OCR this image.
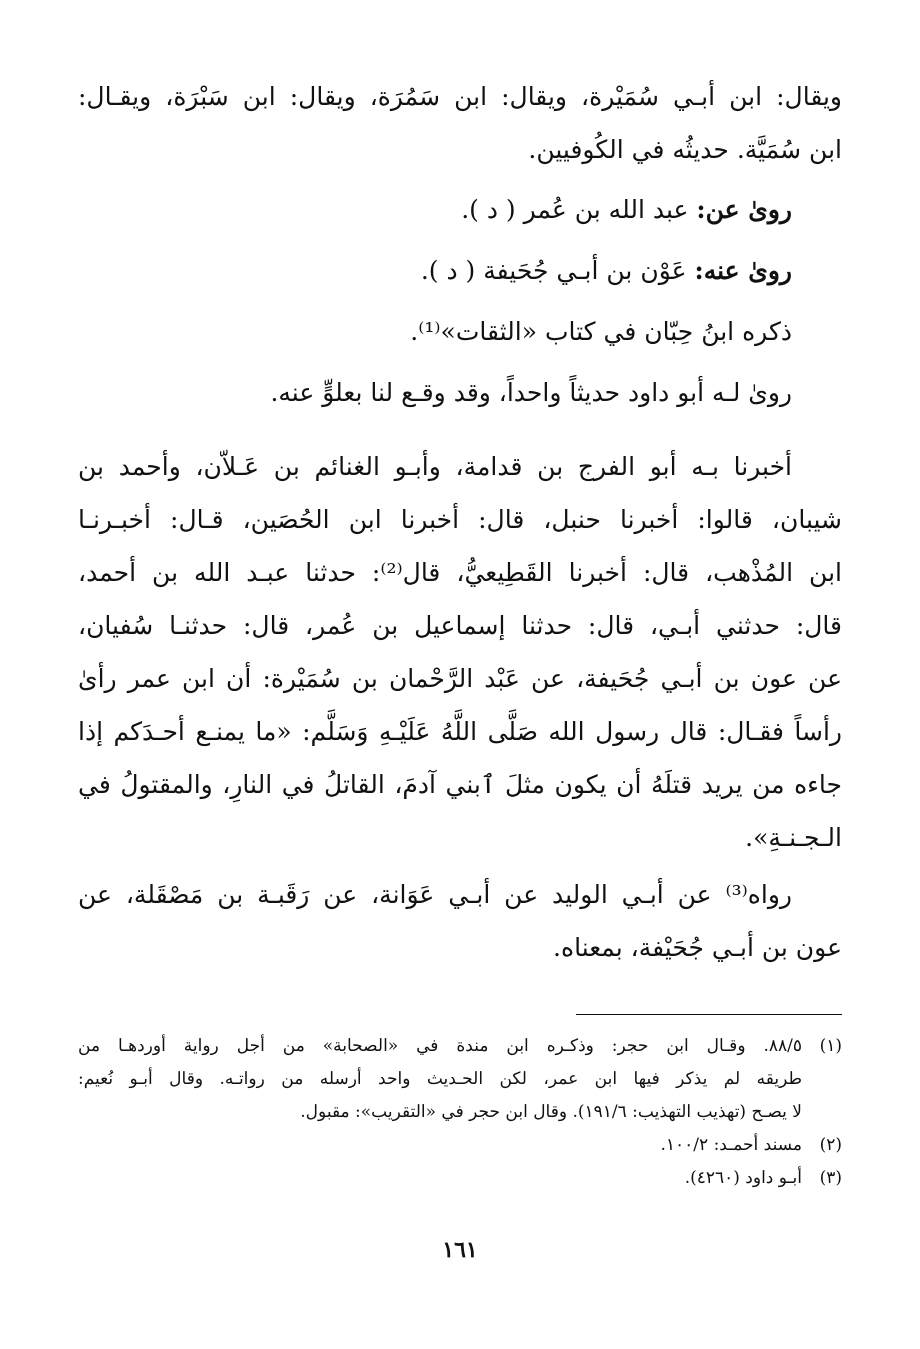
ويقال: ابن أبـي سُمَيْرة، ويقال: ابن سَمُرَة، ويقال: ابن سَبْرَة، ويقـال:
ابن سُمَيَّة. حديثُه في الكُوفيين.
روىٰ عن: عبد الله بن عُمر ( د ).
روىٰ عنه: عَوْن بن أبـي جُحَيفة ( د ).
ذكره ابنُ حِبّان في كتاب «الثقات»⁽¹⁾.
روىٰ لـه أبو داود حديثاً واحداً، وقد وقـع لنا بعلوٍّ عنه.
أخبرنا بـه أبو الفرج بن قدامة، وأبـو الغنائم بن عَـلاّن، وأحمد بن
شيبان، قالوا: أخبرنا حنبل، قال: أخبرنا ابن الحُصَين، قـال: أخبـرنـا
ابن المُذْهب، قال: أخبرنا القَطِيعيُّ، قال⁽²⁾: حدثنا عبـد الله بن أحمد،
قال: حدثني أبـي، قال: حدثنا إسماعيل بن عُمر، قال: حدثنـا سُفيان،
عن عون بن أبـي جُحَيفة، عن عَبْد الرَّحْمان بن سُمَيْرة: أن ابن عمر رأىٰ
رأساً فقـال: قال رسول الله صَلَّى اللَّهُ عَلَيْـهِ وَسَلَّم: «ما يمنـع أحـدَكم إذا
جاءه من يريد قتلَهُ أن يكون مثلَ ٱبني آدمَ، القاتلُ في النارِ، والمقتولُ في
الـجـنـةِ».
رواه⁽³⁾ عن أبـي الوليد عن أبـي عَوَانة، عن رَقَبـة بن مَصْقَلة، عن
عون بن أبـي جُحَيْفة، بمعناه.
(١)٨٨/٥. وقـال ابن حجر: وذكـره ابن مندة في «الصحابة» من أجل رواية أوردهـا من
طريقه لم يذكر فيها ابن عمر، لكن الحـديث واحد أرسله من رواتـه. وقال أبـو نُعيم:
لا يصـح (تهذيب التهذيب: ١٩١/٦). وقال ابن حجر في «التقريب»: مقبول.
(٢)مسند أحمـد: ١٠٠/٢.
(٣)أبـو داود (٤٢٦٠).
١٦١
